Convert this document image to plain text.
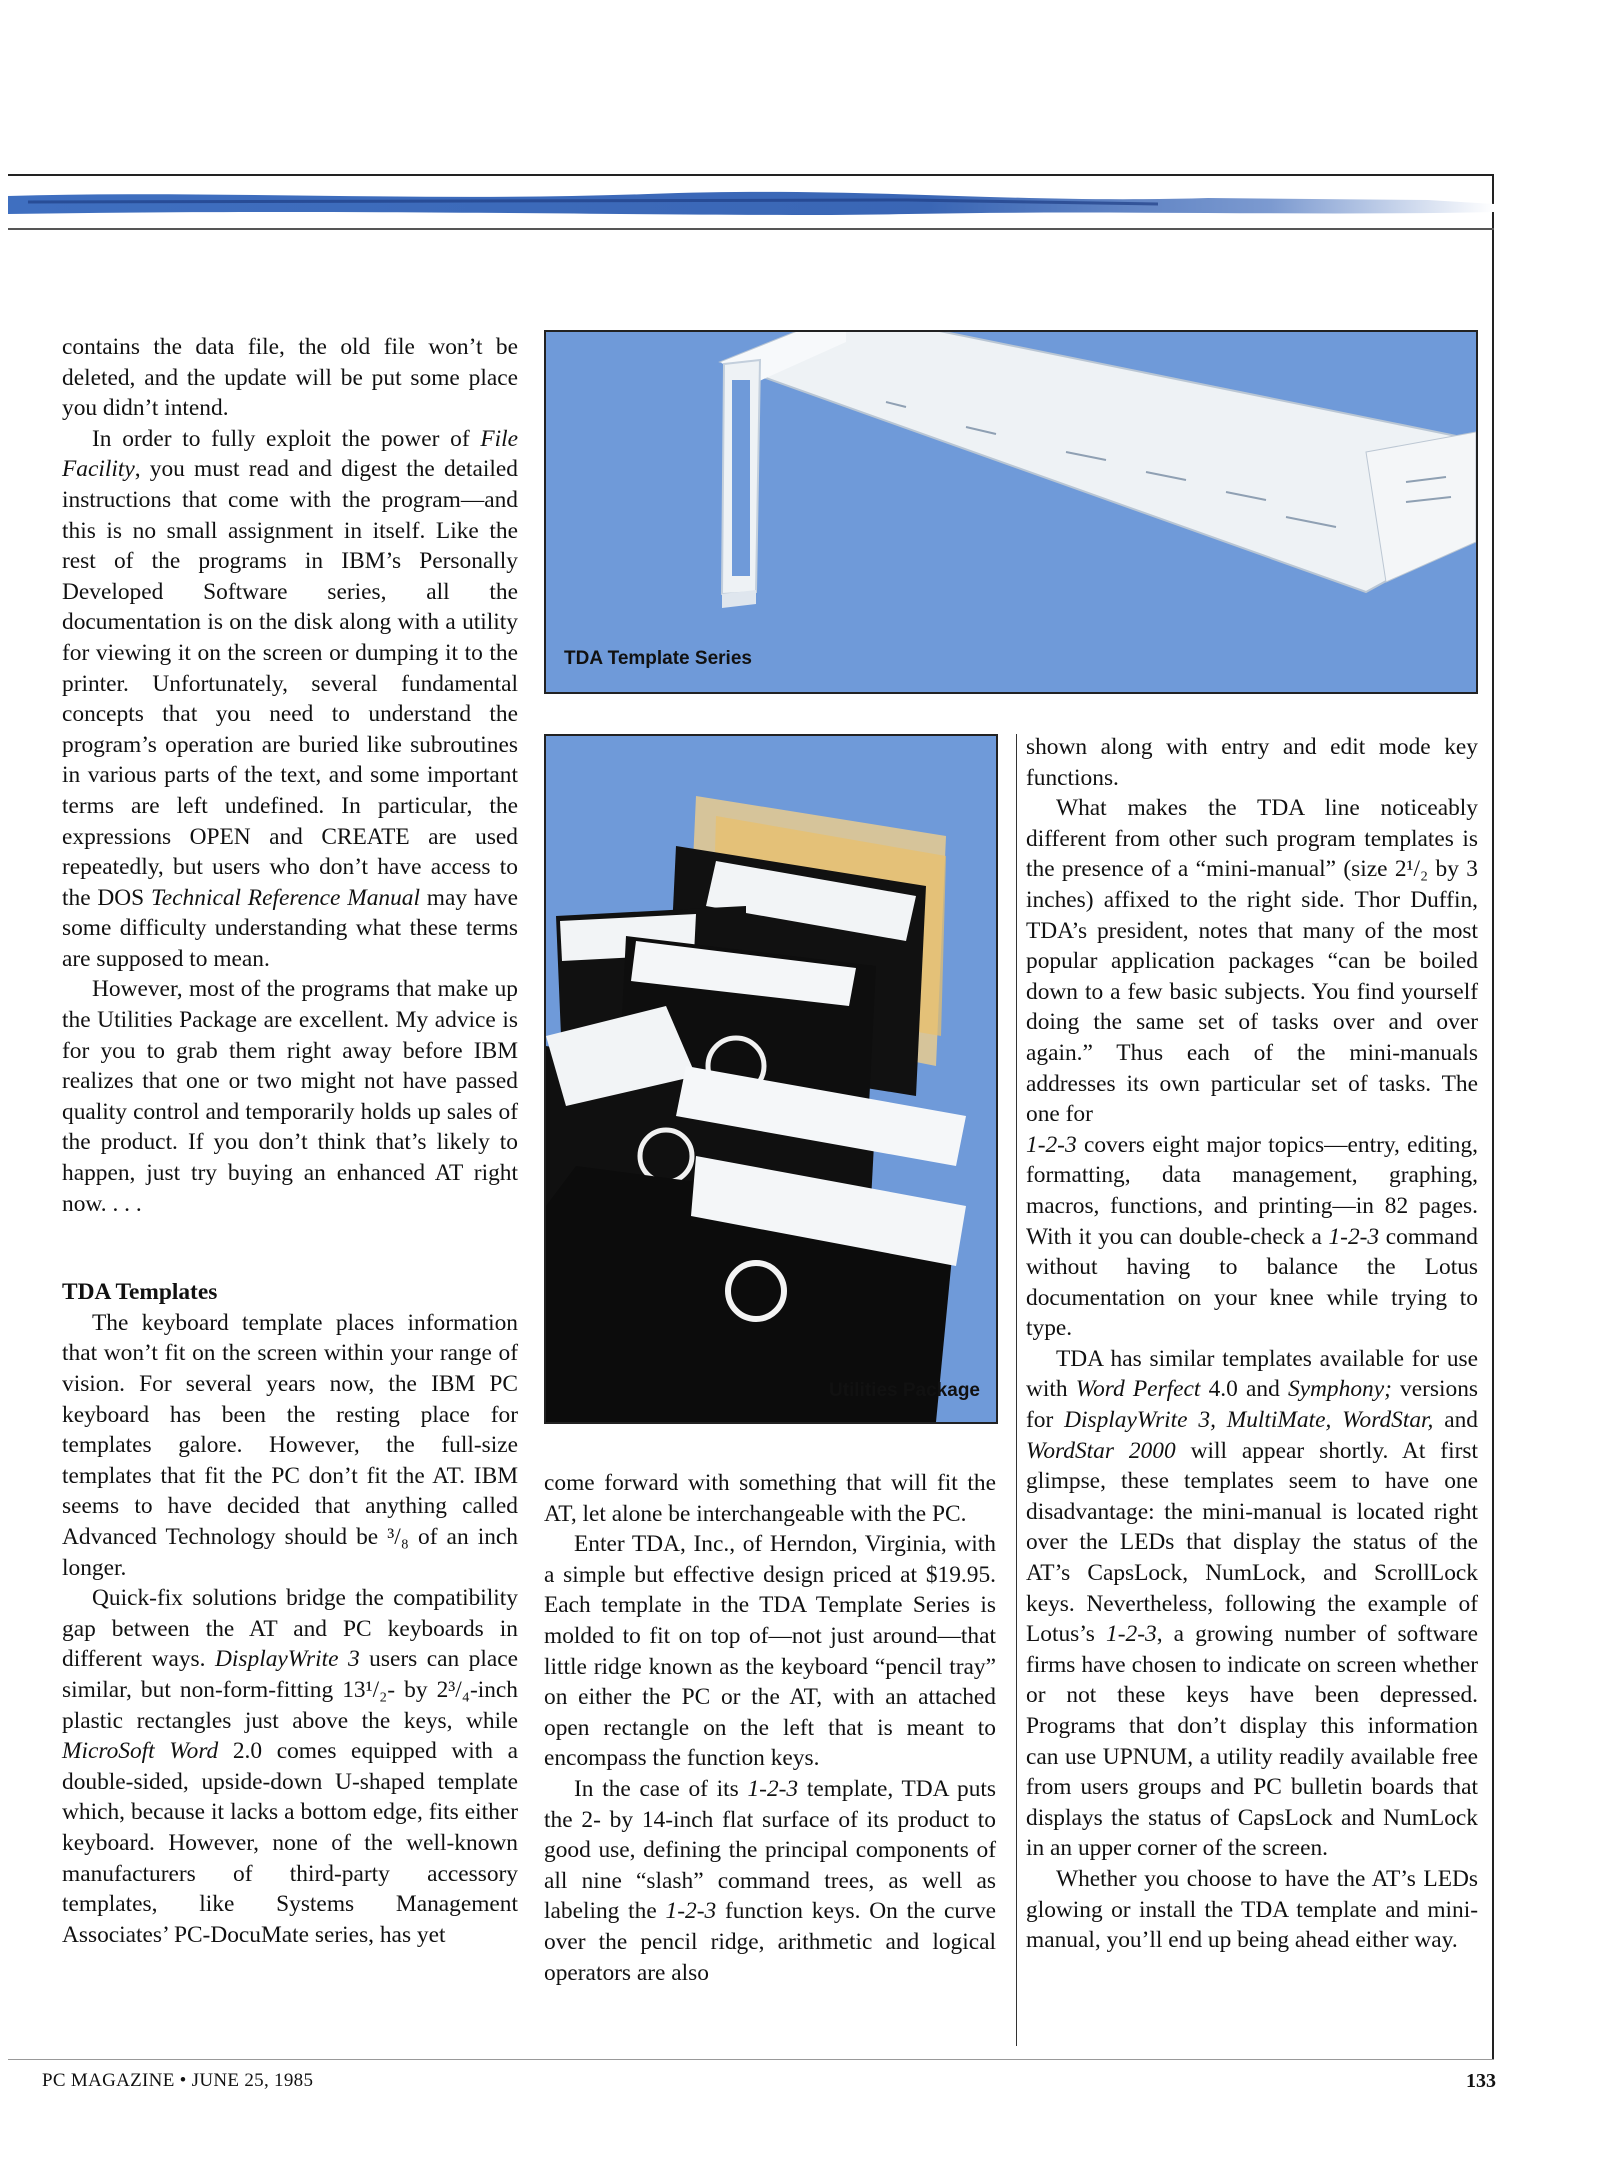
contains the data file, the old file won’t be deleted, and the update will be put some place you didn’t intend.

In order to fully exploit the power of File Facility, you must read and digest the detailed instructions that come with the program—and this is no small assignment in itself. Like the rest of the programs in IBM’s Personally Developed Software series, all the documentation is on the disk along with a utility for viewing it on the screen or dumping it to the printer. Unfortunately, several fundamental concepts that you need to understand the program’s operation are buried like subroutines in various parts of the text, and some important terms are left undefined. In particular, the expressions OPEN and CREATE are used repeatedly, but users who don’t have access to the DOS Technical Reference Manual may have some difficulty understanding what these terms are supposed to mean.

However, most of the programs that make up the Utilities Package are excellent. My advice is for you to grab them right away before IBM realizes that one or two might not have passed quality control and temporarily holds up sales of the product. If you don’t think that’s likely to happen, just try buying an enhanced AT right now. . . .

TDA Templates

The keyboard template places information that won’t fit on the screen within your range of vision. For several years now, the IBM PC keyboard has been the resting place for templates galore. However, the full-size templates that fit the PC don’t fit the AT. IBM seems to have decided that anything called Advanced Technology should be ³/₈ of an inch longer.

Quick-fix solutions bridge the compatibility gap between the AT and PC keyboards in different ways. DisplayWrite 3 users can place similar, but non-form-fitting 13¹/₂- by 2³/₄-inch plastic rectangles just above the keys, while MicroSoft Word 2.0 comes equipped with a double-sided, upside-down U-shaped template which, because it lacks a bottom edge, fits either keyboard. However, none of the well-known manufacturers of third-party accessory templates, like Systems Management Associates’ PC-DocuMate series, has yet

TDA Template Series
Utilities Package

come forward with something that will fit the AT, let alone be interchangeable with the PC.

Enter TDA, Inc., of Herndon, Virginia, with a simple but effective design priced at $19.95. Each template in the TDA Template Series is molded to fit on top of—not just around—that little ridge known as the keyboard “pencil tray” on either the PC or the AT, with an attached open rectangle on the left that is meant to encompass the function keys.

In the case of its 1-2-3 template, TDA puts the 2- by 14-inch flat surface of its product to good use, defining the principal components of all nine “slash” command trees, as well as labeling the 1-2-3 function keys. On the curve over the pencil ridge, arithmetic and logical operators are also

shown along with entry and edit mode key functions.

What makes the TDA line noticeably different from other such program templates is the presence of a “mini-manual” (size 2¹/₂ by 3 inches) affixed to the right side. Thor Duffin, TDA’s president, notes that many of the most popular application packages “can be boiled down to a few basic subjects. You find yourself doing the same set of tasks over and over again.” Thus each of the mini-manuals addresses its own particular set of tasks. The one for

1-2-3 covers eight major topics—entry, editing, formatting, data management, graphing, macros, functions, and printing—in 82 pages. With it you can double-check a 1-2-3 command without having to balance the Lotus documentation on your knee while trying to type.

TDA has similar templates available for use with Word Perfect 4.0 and Symphony; versions for DisplayWrite 3, MultiMate, WordStar, and WordStar 2000 will appear shortly. At first glimpse, these templates seem to have one disadvantage: the mini-manual is located right over the LEDs that display the status of the AT’s CapsLock, NumLock, and ScrollLock keys. Nevertheless, following the example of Lotus’s 1-2-3, a growing number of software firms have chosen to indicate on screen whether or not these keys have been depressed. Programs that don’t display this information can use UPNUM, a utility readily available free from users groups and PC bulletin boards that displays the status of CapsLock and NumLock in an upper corner of the screen.

Whether you choose to have the AT’s LEDs glowing or install the TDA template and mini-manual, you’ll end up being ahead either way.

PC MAGAZINE • JUNE 25, 1985	133
